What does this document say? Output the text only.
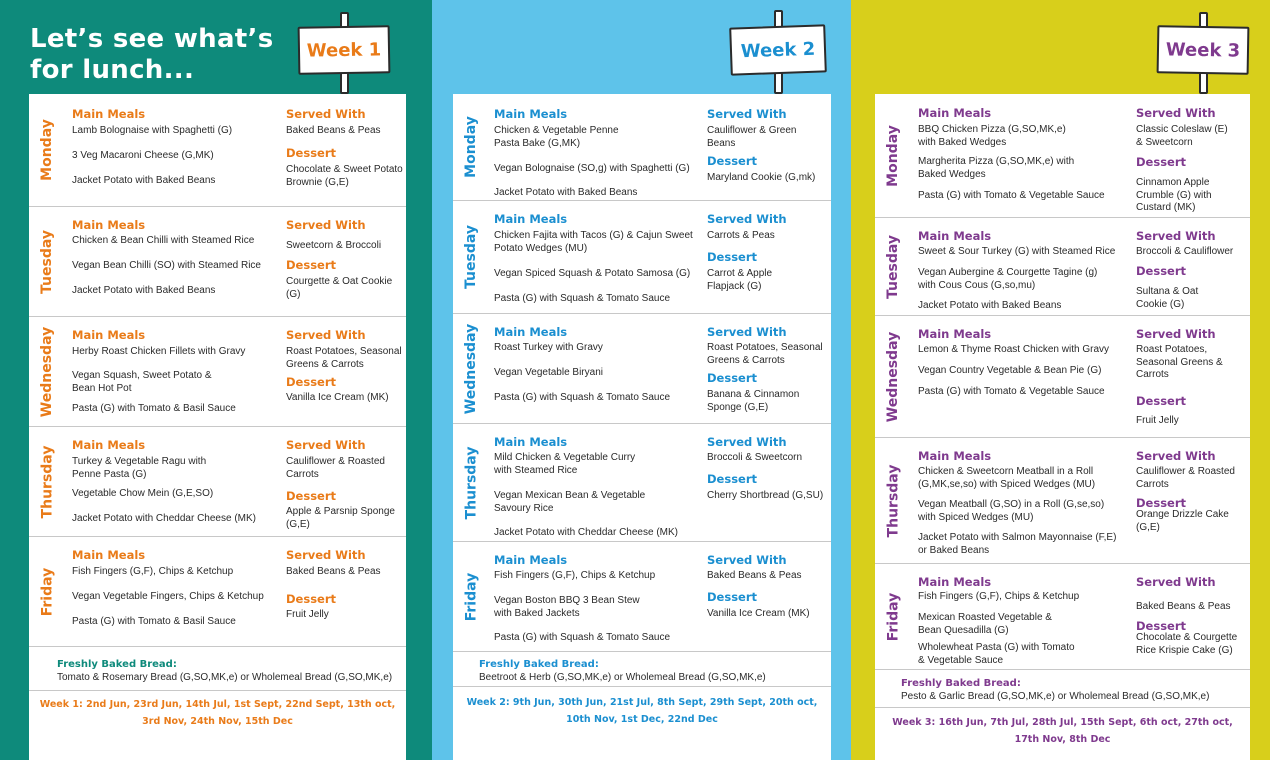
Let’s see what’s
for lunch...
Week 1
Monday
Main Meals
Lamb Bolognaise with Spaghetti (G)
3 Veg Macaroni Cheese (G,MK)
Jacket Potato with Baked Beans
Served With
Baked Beans & Peas
Dessert
Chocolate & Sweet Potato Brownie (G,E)
Tuesday
Main Meals
Chicken & Bean Chilli with Steamed Rice
Vegan Bean Chilli (SO) with Steamed Rice
Jacket Potato with Baked Beans
Served With
Sweetcorn & Broccoli
Dessert
Courgette & Oat Cookie (G)
Wednesday Main Meals
Herby Roast Chicken Fillets with Gravy
Vegan Squash, Sweet Potato & Bean Hot Pot
Pasta (G) with Tomato & Basil Sauce
Served With
Roast Potatoes, Seasonal Greens & Carrots
Dessert
Vanilla Ice Cream (MK)
Thursday
Main Meals
Turkey & Vegetable Ragu with Penne Pasta (G)
Vegetable Chow Mein (G,E,SO)
Jacket Potato with Cheddar Cheese (MK)
Served With
Cauliflower & Roasted Carrots
Dessert
Apple & Parsnip Sponge (G,E)
Friday
Main Meals
Fish Fingers (G,F), Chips & Ketchup
Vegan Vegetable Fingers, Chips & Ketchup
Pasta (G) with Tomato & Basil Sauce
Served With
Baked Beans & Peas
Dessert
Fruit Jelly
Freshly Baked Bread:
Tomato & Rosemary Bread (G,SO,MK,e) or Wholemeal Bread (G,SO,MK,e)
Week 1: 2nd Jun, 23rd Jun, 14th Jul, 1st Sept, 22nd Sept, 13th oct,
3rd Nov, 24th Nov, 15th Dec
Week 2
Monday
Main Meals
Chicken & Vegetable Penne Pasta Bake (G,MK)
Vegan Bolognaise (SO,g) with Spaghetti (G)
Jacket Potato with Baked Beans
Served With
Cauliflower & Green Beans
Dessert
Maryland Cookie (G,mk)
Tuesday
Main Meals
Chicken Fajita with Tacos (G) & Cajun Sweet Potato Wedges (MU)
Vegan Spiced Squash & Potato Samosa (G)
Pasta (G) with Squash & Tomato Sauce
Served With
Carrots & Peas
Dessert
Carrot & Apple Flapjack (G)
Wednesday Main Meals
Roast Turkey with Gravy
Vegan Vegetable Biryani
Pasta (G) with Squash & Tomato Sauce
Served With
Roast Potatoes, Seasonal Greens & Carrots
Dessert
Banana & Cinnamon Sponge (G,E)
Thursday
Main Meals
Mild Chicken & Vegetable Curry with Steamed Rice
Vegan Mexican Bean & Vegetable Savoury Rice
Jacket Potato with Cheddar Cheese (MK)
Served With
Broccoli & Sweetcorn
Dessert
Cherry Shortbread (G,SU)
Friday
Main Meals
Fish Fingers (G,F), Chips & Ketchup
Vegan Boston BBQ 3 Bean Stew with Baked Jackets
Pasta (G) with Squash & Tomato Sauce
Served With
Baked Beans & Peas
Dessert
Vanilla Ice Cream (MK)
Freshly Baked Bread:
Beetroot & Herb (G,SO,MK,e) or Wholemeal Bread (G,SO,MK,e)
Week 2: 9th Jun, 30th Jun, 21st Jul, 8th Sept, 29th Sept, 20th oct,
10th Nov, 1st Dec, 22nd Dec
Week 3
Monday
Main Meals
BBQ Chicken Pizza (G,SO,MK,e) with Baked Wedges
Margherita Pizza (G,SO,MK,e) with Baked Wedges
Pasta (G) with Tomato & Vegetable Sauce
Served With
Classic Coleslaw (E) & Sweetcorn
Dessert
Cinnamon Apple Crumble (G) with Custard (MK)
Tuesday Main Meals
Sweet & Sour Turkey (G) with Steamed Rice
Vegan Aubergine & Courgette Tagine (g) with Cous Cous (G,so,mu)
Jacket Potato with Baked Beans
Served With
Broccoli & Cauliflower
Dessert
Sultana & Oat Cookie (G)
Wednesday Main Meals
Lemon & Thyme Roast Chicken with Gravy
Vegan Country Vegetable & Bean Pie (G)
Pasta (G) with Tomato & Vegetable Sauce
Served With
Roast Potatoes, Seasonal Greens & Carrots
Dessert
Fruit Jelly
Thursday
Main Meals
Chicken & Sweetcorn Meatball in a Roll (G,MK,se,so) with Spiced Wedges (MU)
Vegan Meatball (G,SO) in a Roll (G,se,so) with Spiced Wedges (MU)
Jacket Potato with Salmon Mayonnaise (F,E) or Baked Beans
Served With
Cauliflower & Roasted Carrots
Dessert
Orange Drizzle Cake (G,E)
Friday
Main Meals
Fish Fingers (G,F), Chips & Ketchup
Mexican Roasted Vegetable & Bean Quesadilla (G)
Wholewheat Pasta (G) with Tomato & Vegetable Sauce
Served With
Baked Beans & Peas
Dessert
Chocolate & Courgette Rice Krispie Cake (G)
Freshly Baked Bread:
Pesto & Garlic Bread (G,SO,MK,e) or Wholemeal Bread (G,SO,MK,e)
Week 3: 16th Jun, 7th Jul, 28th Jul, 15th Sept, 6th oct, 27th oct,
17th Nov, 8th Dec
